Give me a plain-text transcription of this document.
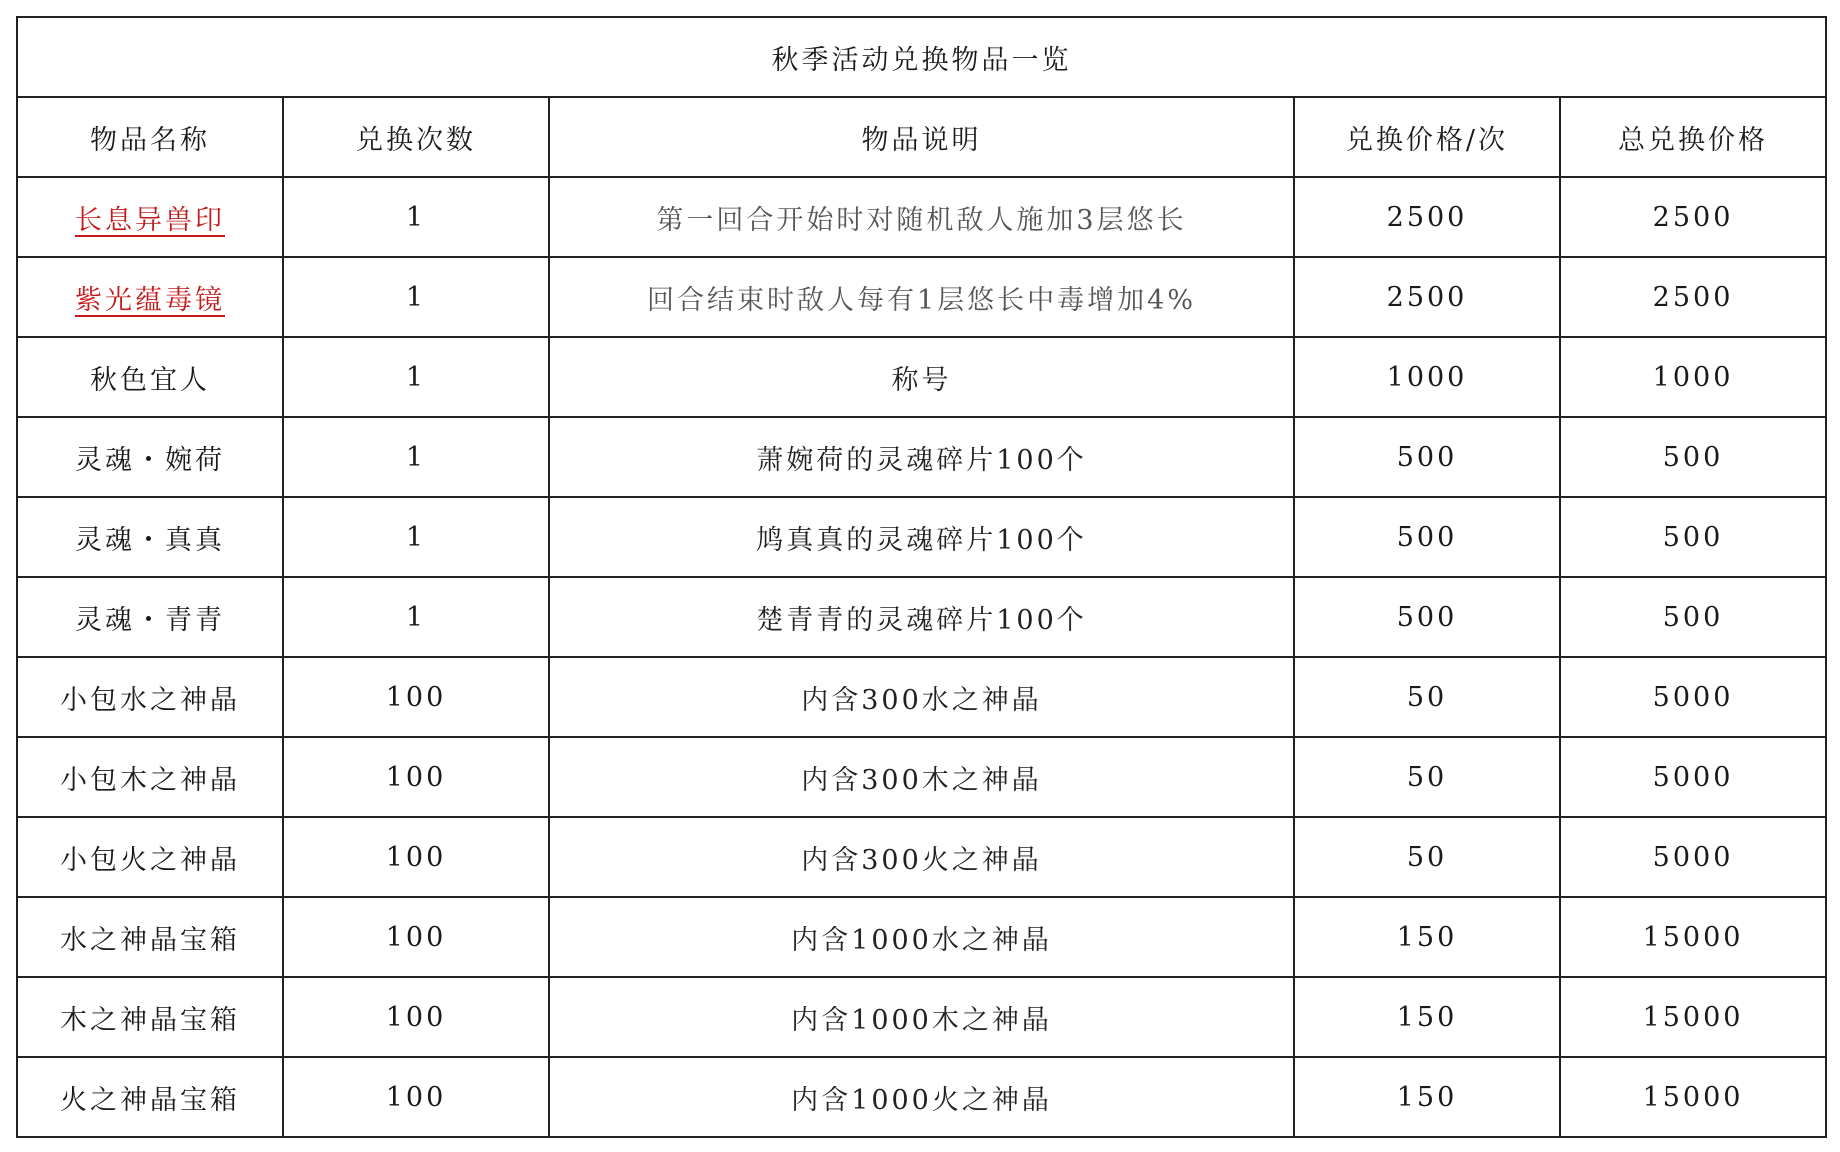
秋季活动兑换物品一览				
物品名称	兑换次数	物品说明	兑换价格/次	总兑换价格
长息异兽印	1	第一回合开始时对随机敌人施加3层悠长	2500	2500
紫光蕴毒镜	1	回合结束时敌人每有1层悠长中毒增加4%	2500	2500
秋色宜人	1	称号	1000	1000
灵魂・婉荷	1	萧婉荷的灵魂碎片100个	500	500
灵魂・真真	1	鸠真真的灵魂碎片100个	500	500
灵魂・青青	1	楚青青的灵魂碎片100个	500	500
小包水之神晶	100	内含300水之神晶	50	5000
小包木之神晶	100	内含300木之神晶	50	5000
小包火之神晶	100	内含300火之神晶	50	5000
水之神晶宝箱	100	内含1000水之神晶	150	15000
木之神晶宝箱	100	内含1000木之神晶	150	15000
火之神晶宝箱	100	内含1000火之神晶	150	15000
